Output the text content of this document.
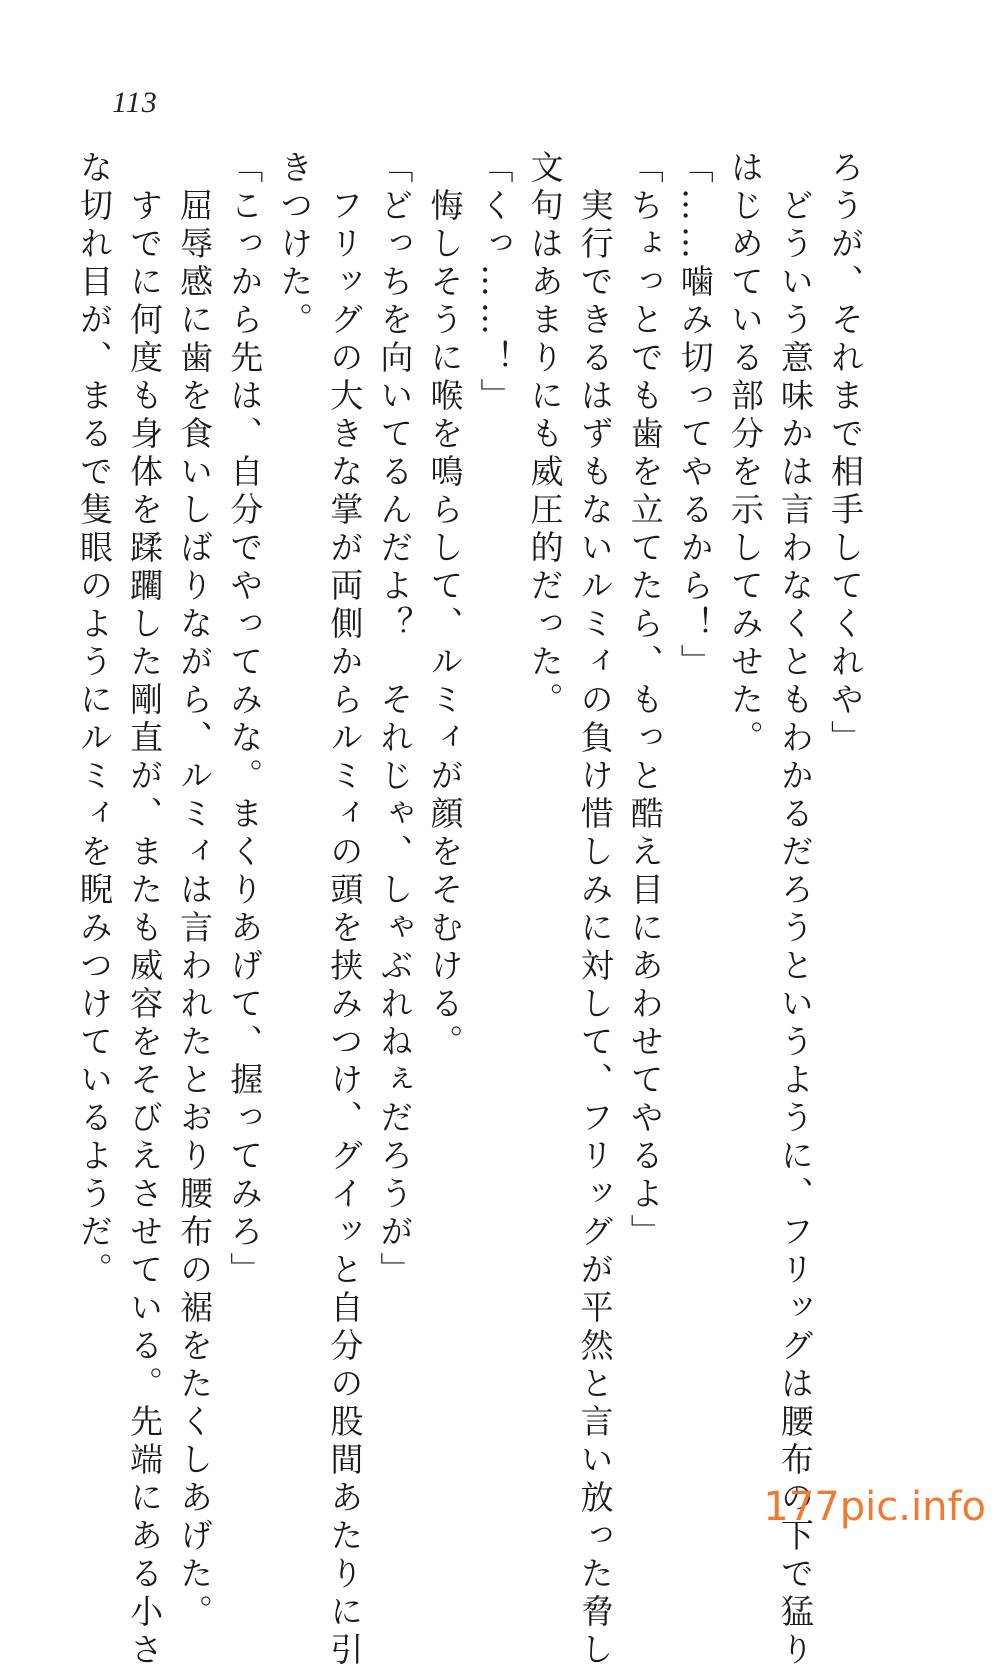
113
ろうが、それまで相手してくれや」
　どういう意味かは言わなくともわかるだろうというように、フリッグは腰布の下で猛り
はじめている部分を示してみせた。
「……噛み切ってやるから！」
「ちょっとでも歯を立てたら、もっと酷え目にあわせてやるよ」
　実行できるはずもないルミィの負け惜しみに対して、フリッグが平然と言い放った脅し
文句はあまりにも威圧的だった。
「くっ……！」
　悔しそうに喉を鳴らして、ルミィが顔をそむける。
「どっちを向いてるんだよ？　それじゃ、しゃぶれねぇだろうが」
　フリッグの大きな掌が両側からルミィの頭を挟みつけ、グイッと自分の股間あたりに引
きつけた。
「こっから先は、自分でやってみな。まくりあげて、握ってみろ」
　屈辱感に歯を食いしばりながら、ルミィは言われたとおり腰布の裾をたくしあげた。
　すでに何度も身体を蹂躙した剛直が、またも威容をそびえさせている。先端にある小さ
な切れ目が、まるで隻眼のようにルミィを睨みつけているようだ。
177pic.info
